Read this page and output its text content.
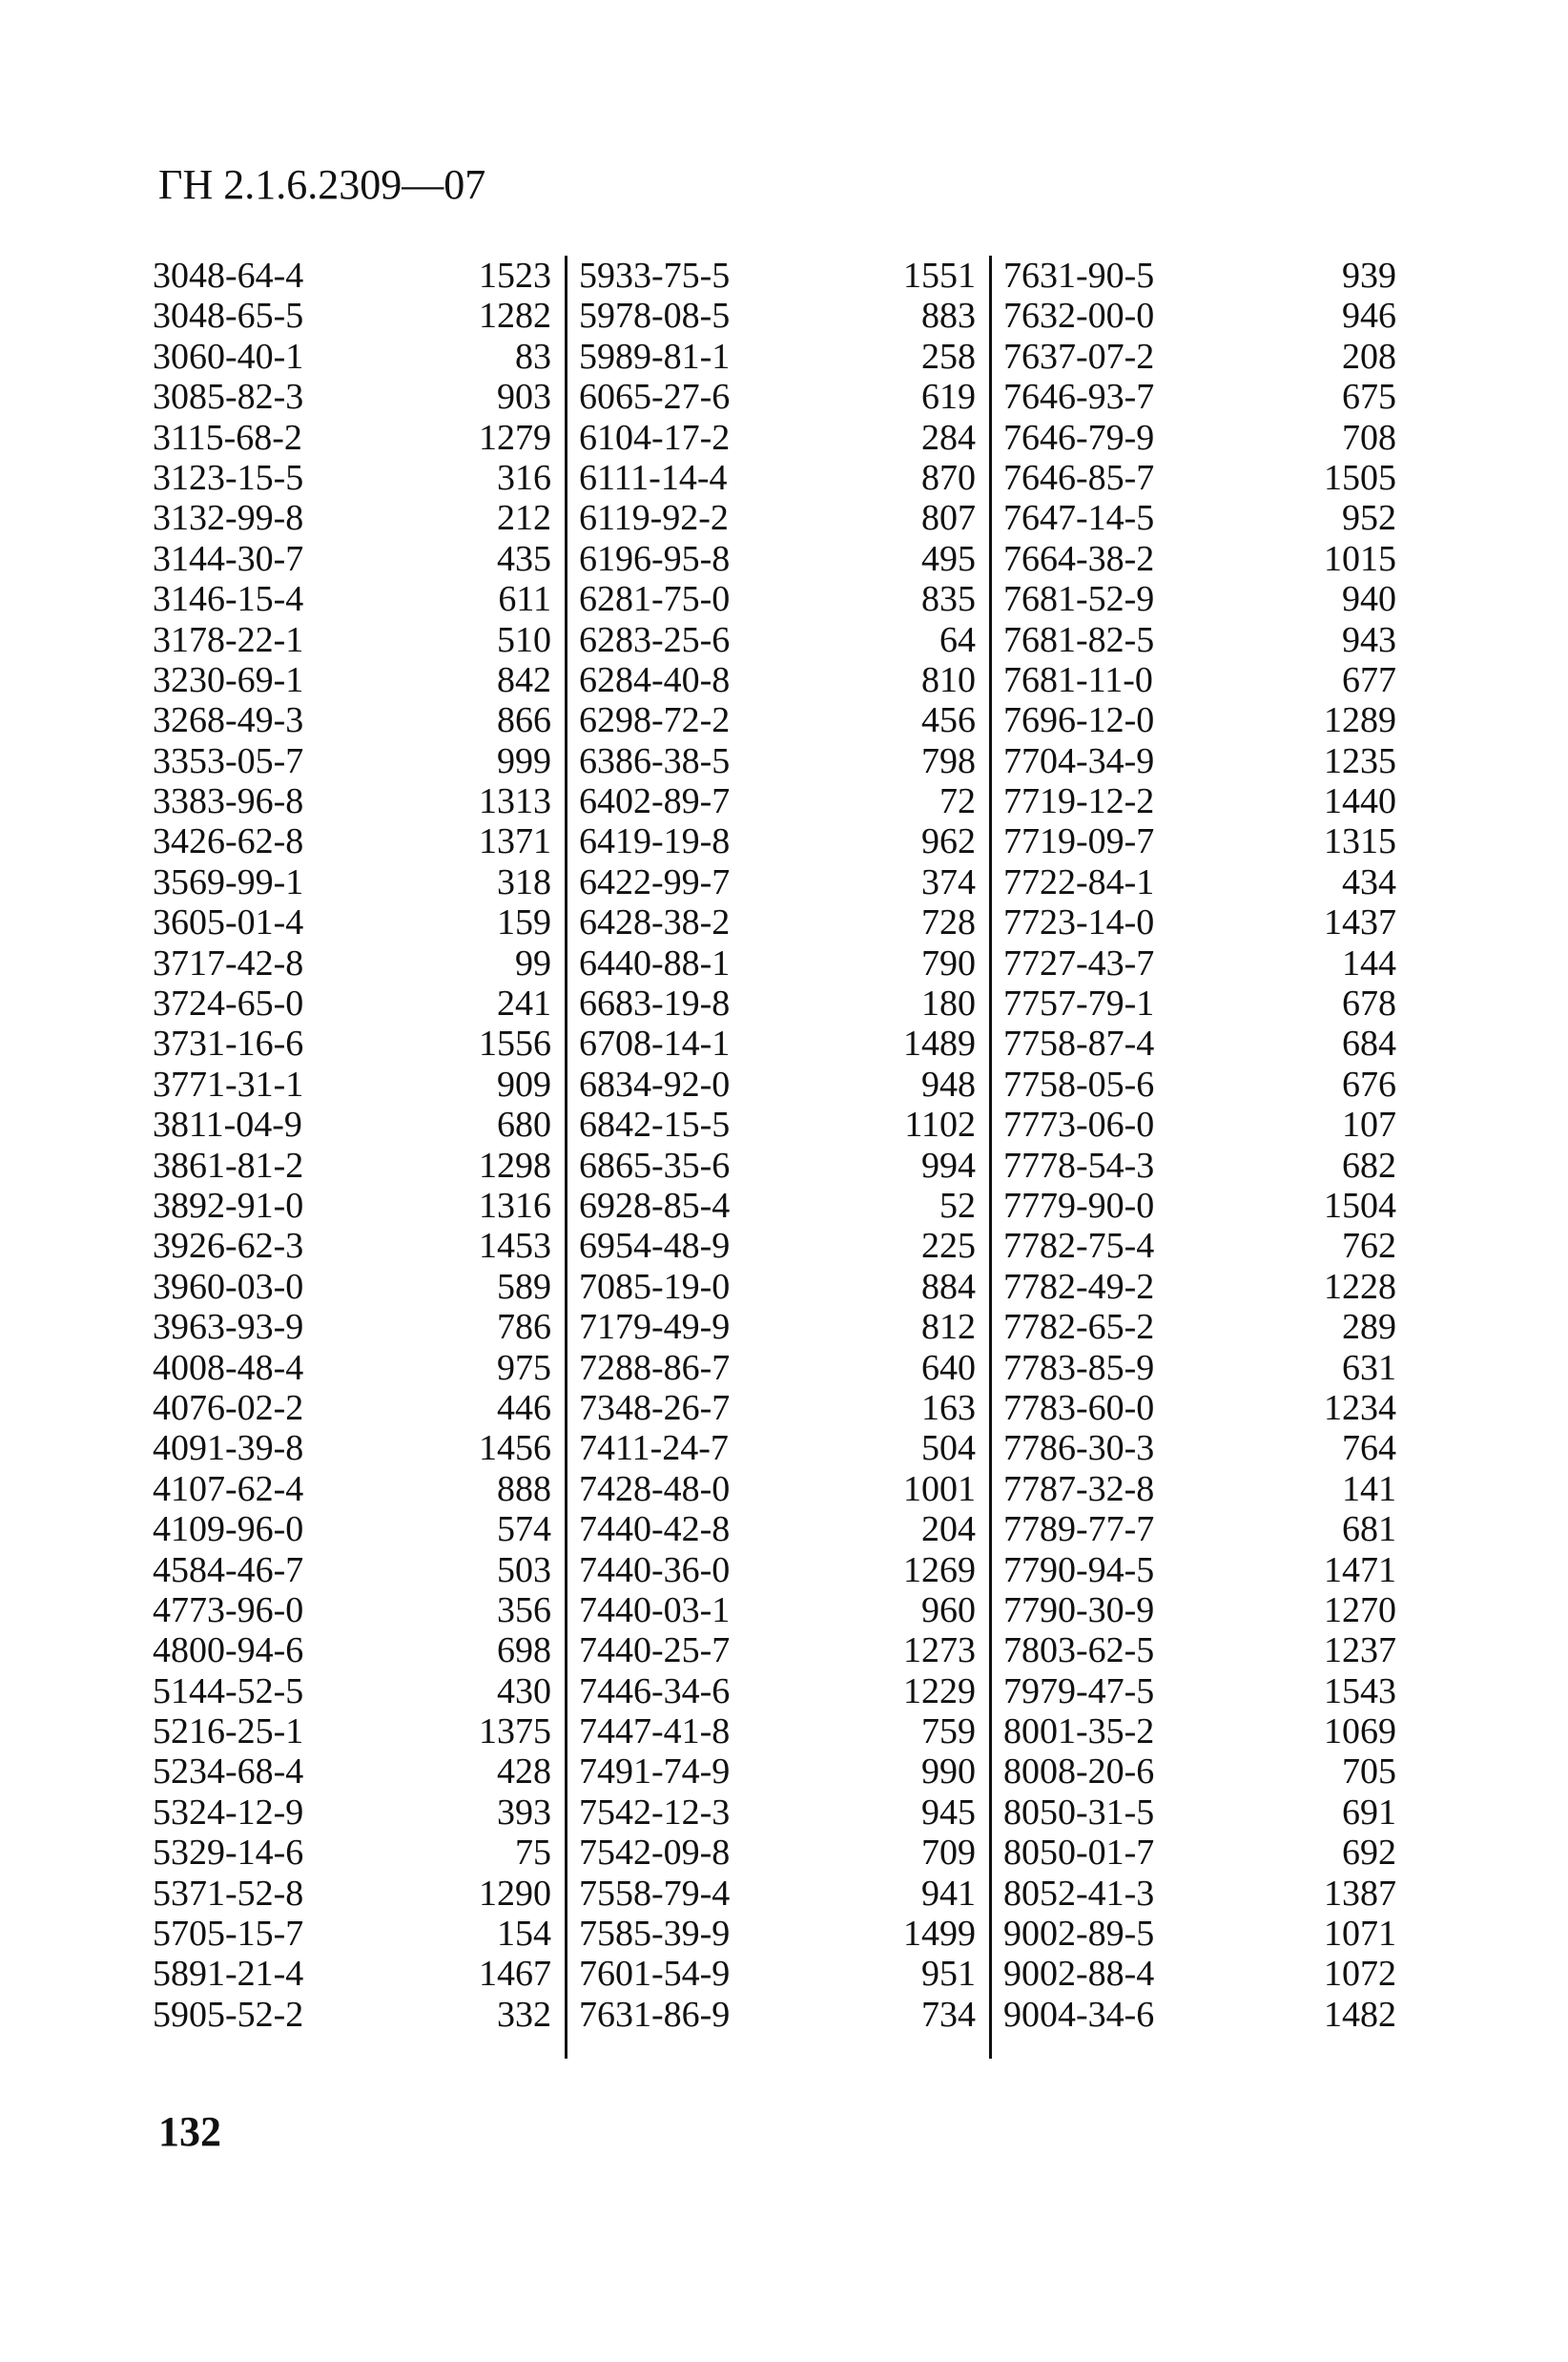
ГН 2.1.6.2309—07
3048-64-4	1523
3048-65-5	1282
3060-40-1	83
3085-82-3	903
3115-68-2	1279
3123-15-5	316
3132-99-8	212
3144-30-7	435
3146-15-4	611
3178-22-1	510
3230-69-1	842
3268-49-3	866
3353-05-7	999
3383-96-8	1313
3426-62-8	1371
3569-99-1	318
3605-01-4	159
3717-42-8	99
3724-65-0	241
3731-16-6	1556
3771-31-1	909
3811-04-9	680
3861-81-2	1298
3892-91-0	1316
3926-62-3	1453
3960-03-0	589
3963-93-9	786
4008-48-4	975
4076-02-2	446
4091-39-8	1456
4107-62-4	888
4109-96-0	574
4584-46-7	503
4773-96-0	356
4800-94-6	698
5144-52-5	430
5216-25-1	1375
5234-68-4	428
5324-12-9	393
5329-14-6	75
5371-52-8	1290
5705-15-7	154
5891-21-4	1467
5905-52-2	332
5933-75-5	1551
5978-08-5	883
5989-81-1	258
6065-27-6	619
6104-17-2	284
6111-14-4	870
6119-92-2	807
6196-95-8	495
6281-75-0	835
6283-25-6	64
6284-40-8	810
6298-72-2	456
6386-38-5	798
6402-89-7	72
6419-19-8	962
6422-99-7	374
6428-38-2	728
6440-88-1	790
6683-19-8	180
6708-14-1	1489
6834-92-0	948
6842-15-5	1102
6865-35-6	994
6928-85-4	52
6954-48-9	225
7085-19-0	884
7179-49-9	812
7288-86-7	640
7348-26-7	163
7411-24-7	504
7428-48-0	1001
7440-42-8	204
7440-36-0	1269
7440-03-1	960
7440-25-7	1273
7446-34-6	1229
7447-41-8	759
7491-74-9	990
7542-12-3	945
7542-09-8	709
7558-79-4	941
7585-39-9	1499
7601-54-9	951
7631-86-9	734
7631-90-5	939
7632-00-0	946
7637-07-2	208
7646-93-7	675
7646-79-9	708
7646-85-7	1505
7647-14-5	952
7664-38-2	1015
7681-52-9	940
7681-82-5	943
7681-11-0	677
7696-12-0	1289
7704-34-9	1235
7719-12-2	1440
7719-09-7	1315
7722-84-1	434
7723-14-0	1437
7727-43-7	144
7757-79-1	678
7758-87-4	684
7758-05-6	676
7773-06-0	107
7778-54-3	682
7779-90-0	1504
7782-75-4	762
7782-49-2	1228
7782-65-2	289
7783-85-9	631
7783-60-0	1234
7786-30-3	764
7787-32-8	141
7789-77-7	681
7790-94-5	1471
7790-30-9	1270
7803-62-5	1237
7979-47-5	1543
8001-35-2	1069
8008-20-6	705
8050-31-5	691
8050-01-7	692
8052-41-3	1387
9002-89-5	1071
9002-88-4	1072
9004-34-6	1482
132
